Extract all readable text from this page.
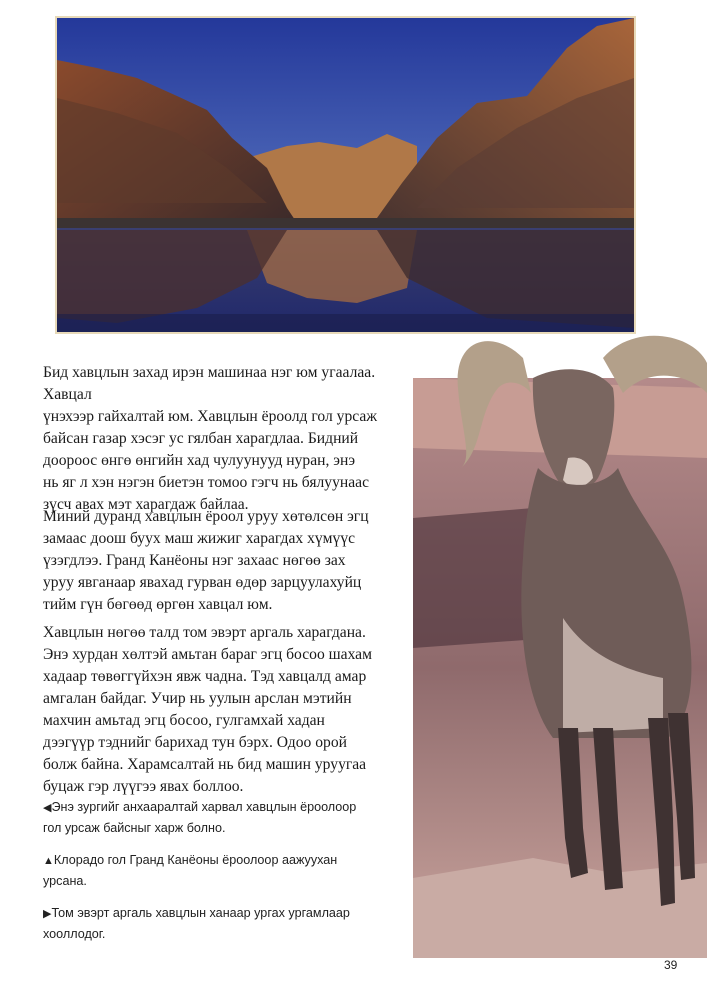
Бид хавцлын захад ирэн машинаа нэг юм угаалаа. Хавцал
үнэхээр гайхалтай юм. Хавцлын ёроолд гол урсаж
байсан газар хэсэг ус гялбан харагдлаа. Бидний
доороос өнгө өнгийн хад чулуунууд нуран, энэ
нь яг л хэн нэгэн биетэн томоо гэгч нь бялуунаас
зүсч авах мэт харагдаж байлаа.

Миний дуранд хавцлын ёроол уруу хөтөлсөн эгц
замаас доош буух маш жижиг харагдах хүмүүс
үзэгдлээ. Гранд Канёоны нэг захаас нөгөө зах
уруу явганаар явахад гурван өдөр зарцуулахуйц
тийм гүн бөгөөд өргөн хавцал юм.

Хавцлын нөгөө талд том эвэрт аргаль харагдана.
Энэ хурдан хөлтэй амьтан бараг эгц босоо шахам
хадаар төвөггүйхэн явж чадна. Тэд хавцалд амар
амгалан байдаг. Учир нь уулын арслан мэтийн
махчин амьтад эгц босоо, гулгамхай хадан
дээгүүр тэднийг барихад тун бэрх. Одоо орой
болж байна. Харамсалтай нь бид машин уруугаа
буцаж гэр лүүгээ явах боллоо.

◀Энэ зургийг анхааралтай харвал хавцлын ёроолоор
гол урсаж байсныг харж болно.

▲Клорадо гол Гранд Канёоны ёроолоор аажуухан
урсана.

▶Том эвэрт аргаль хавцлын ханаар ургах ургамлаар
хооллодог.

39
